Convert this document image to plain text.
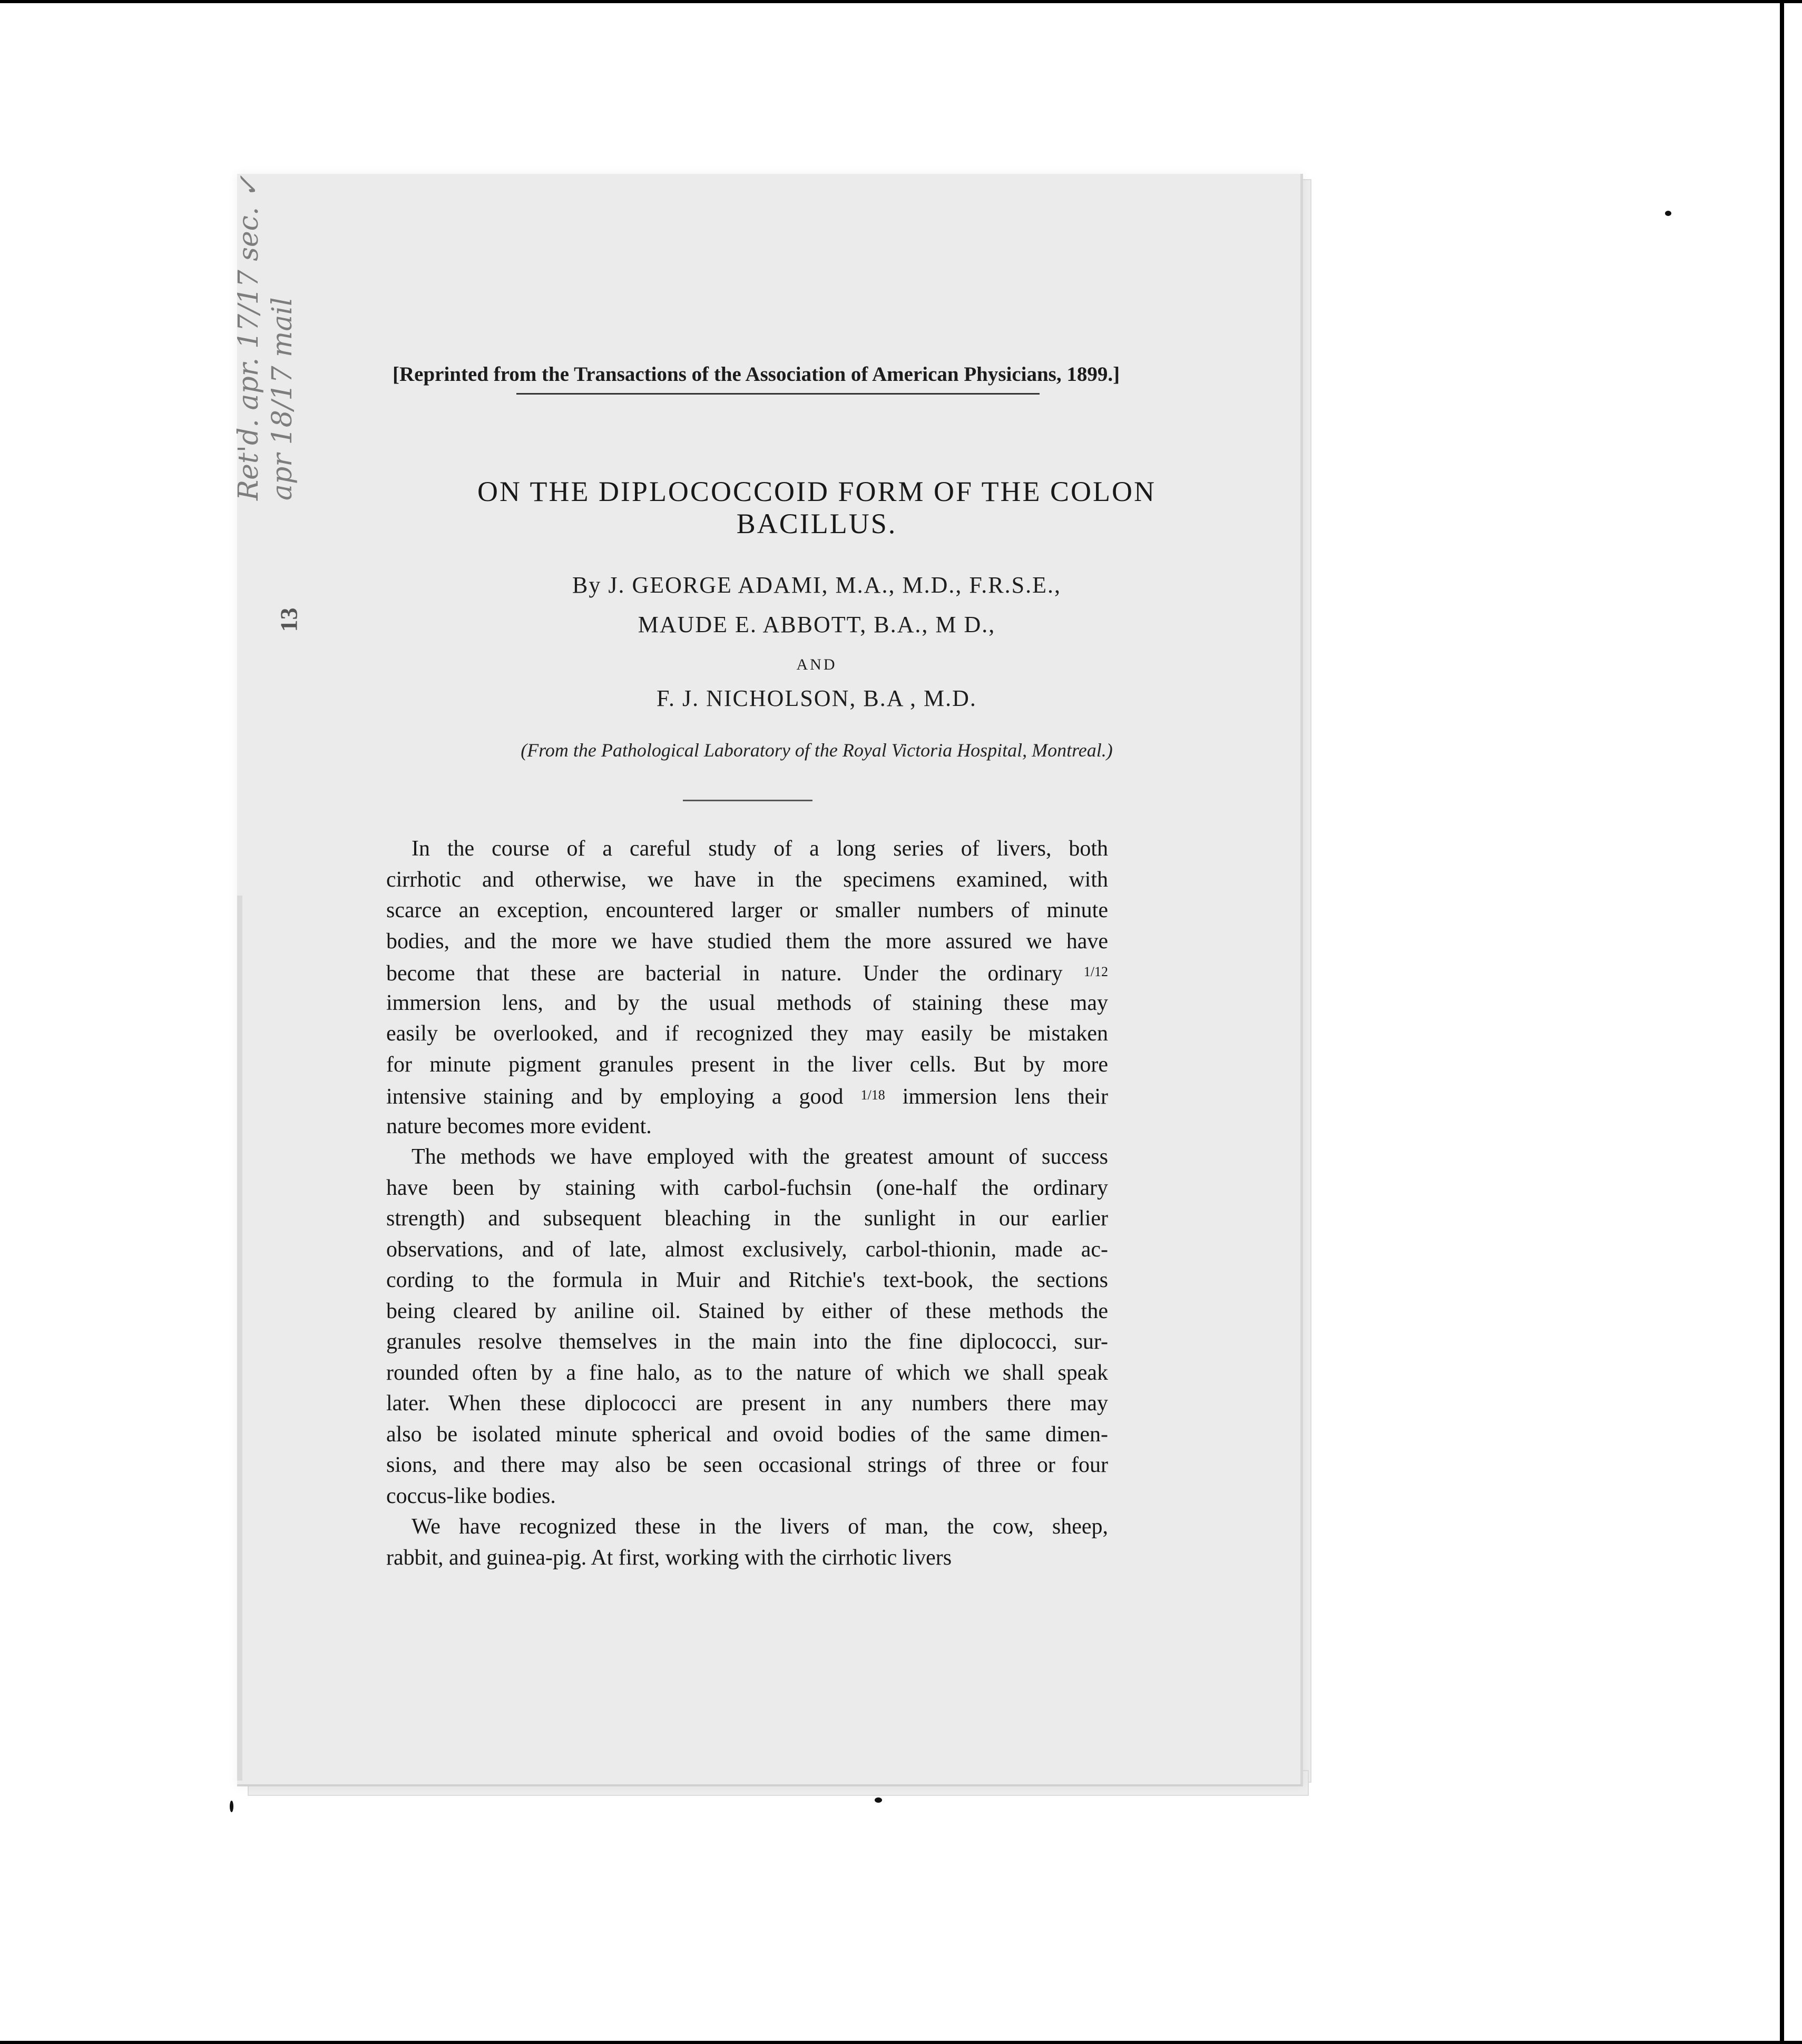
Ret'd. apr. 17/17 sec. ✓ apr 18/17 mail
13
[Reprinted from the Transactions of the Association of American Physicians, 1899.]
ON THE DIPLOCOCCOID FORM OF THE COLON
BACILLUS.
By J. GEORGE ADAMI, M.A., M.D., F.R.S.E.,
MAUDE E. ABBOTT, B.A., M D.,
AND
F. J. NICHOLSON, B.A , M.D.
(From the Pathological Laboratory of the Royal Victoria Hospital, Montreal.)
In the course of a careful study of a long series of livers, both
cirrhotic and otherwise, we have in the specimens examined, with
scarce an exception, encountered larger or smaller numbers of minute
bodies, and the more we have studied them the more assured we have
become that these are bacterial in nature. Under the ordinary 1/12
immersion lens, and by the usual methods of staining these may
easily be overlooked, and if recognized they may easily be mistaken
for minute pigment granules present in the liver cells. But by more
intensive staining and by employing a good 1/18 immersion lens their
nature becomes more evident.
The methods we have employed with the greatest amount of success
have been by staining with carbol-fuchsin (one-half the ordinary
strength) and subsequent bleaching in the sunlight in our earlier
observations, and of late, almost exclusively, carbol-thionin, made ac-
cording to the formula in Muir and Ritchie's text-book, the sections
being cleared by aniline oil. Stained by either of these methods the
granules resolve themselves in the main into the fine diplococci, sur-
rounded often by a fine halo, as to the nature of which we shall speak
later. When these diplococci are present in any numbers there may
also be isolated minute spherical and ovoid bodies of the same dimen-
sions, and there may also be seen occasional strings of three or four
coccus-like bodies.
We have recognized these in the livers of man, the cow, sheep,
rabbit, and guinea-pig. At first, working with the cirrhotic livers
